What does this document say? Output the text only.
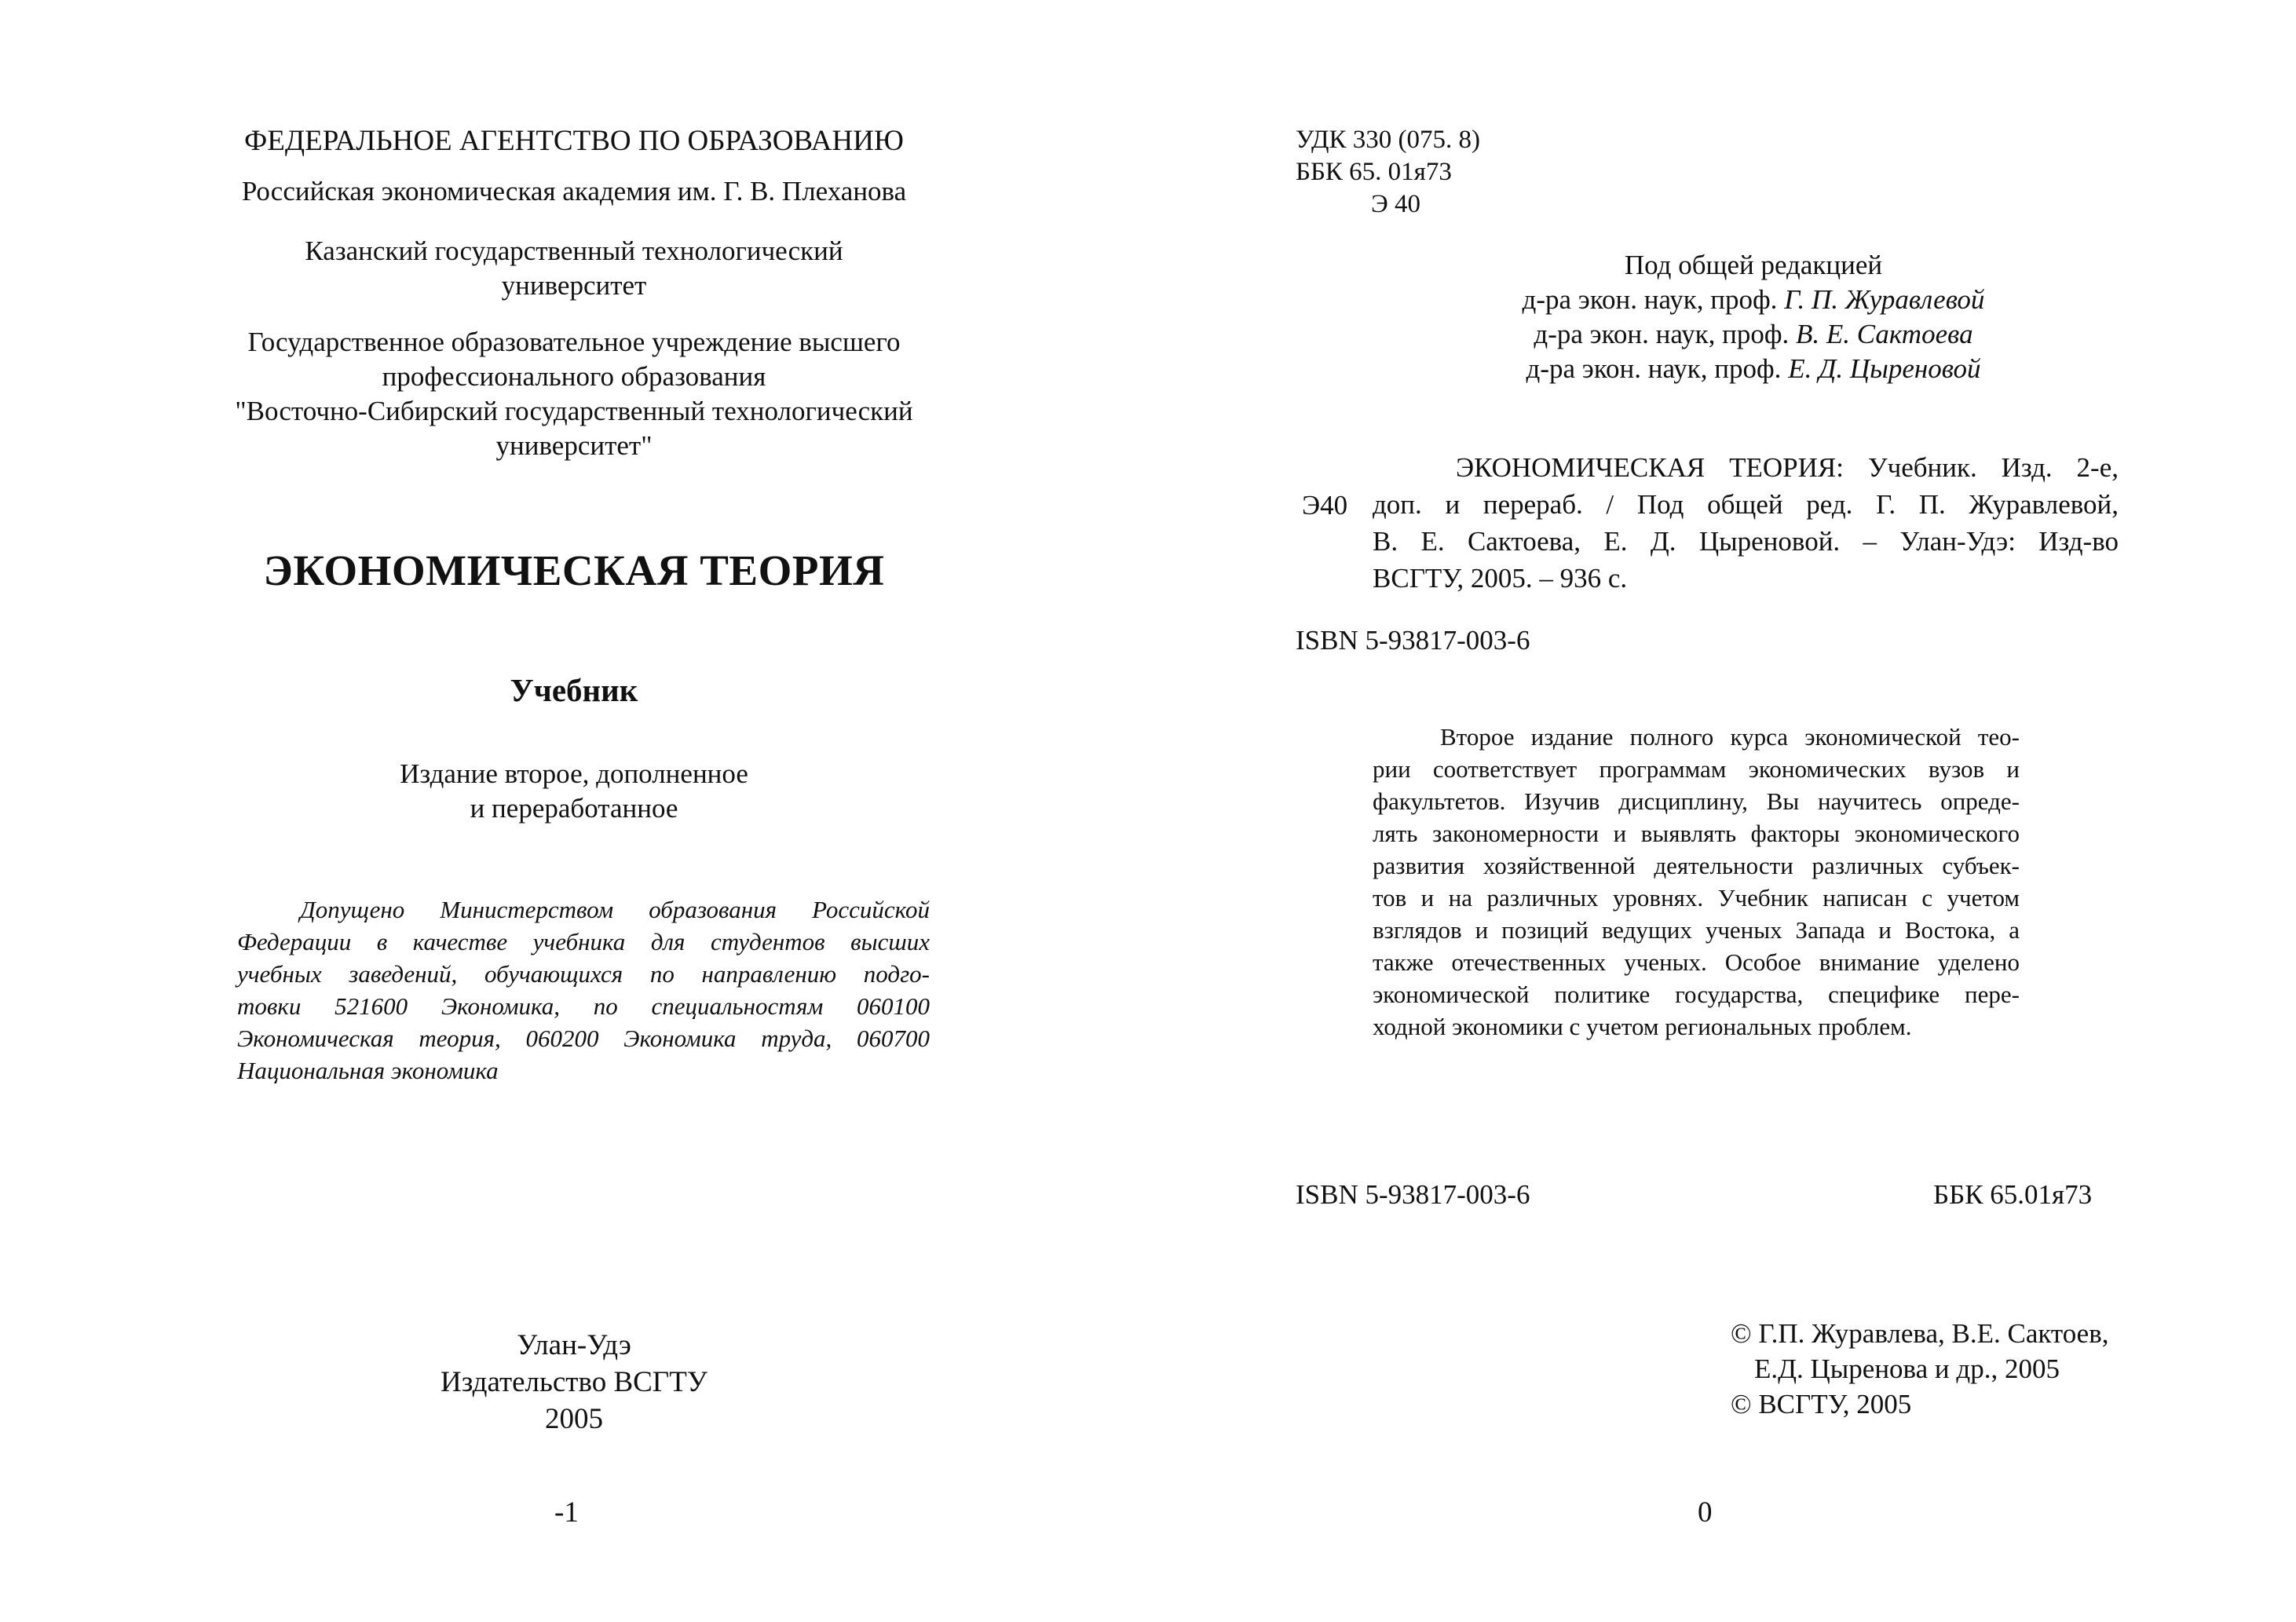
ФЕДЕРАЛЬНОЕ АГЕНТСТВО ПО ОБРАЗОВАНИЮ
Российская экономическая академия им. Г. В. Плеханова
Казанский государственный технологический
университет
Государственное образовательное учреждение высшего
профессионального образования
"Восточно-Сибирский государственный технологический
университет"
ЭКОНОМИЧЕСКАЯ ТЕОРИЯ
Учебник
Издание второе, дополненное
и переработанное
Допущено Министерством образования Российской
Федерации в качестве учебника для студентов высших
учебных заведений, обучающихся по направлению подго-
товки 521600 Экономика, по специальностям 060100
Экономическая теория, 060200 Экономика труда, 060700
Национальная экономика
Улан-Удэ
Издательство ВСГТУ
2005
-1
УДК 330 (075. 8)
ББК 65. 01я73
Э 40
Под общей редакцией
д-ра экон. наук, проф. Г. П. Журавлевой
д-ра экон. наук, проф. В. Е. Сактоева
д-ра экон. наук, проф. Е. Д. Цыреновой
Э40
ЭКОНОМИЧЕСКАЯ ТЕОРИЯ: Учебник. Изд. 2-е,
доп. и перераб. / Под общей ред. Г. П. Журавлевой,
В. Е. Сактоева, Е. Д. Цыреновой. – Улан-Удэ: Изд-во
ВСГТУ, 2005. – 936 с.
ISBN 5-93817-003-6
Второе издание полного курса экономической тео-
рии соответствует программам экономических вузов и
факультетов. Изучив дисциплину, Вы научитесь опреде-
лять закономерности и выявлять факторы экономического
развития хозяйственной деятельности различных субъек-
тов и на различных уровнях. Учебник написан с учетом
взглядов и позиций ведущих ученых Запада и Востока, а
также отечественных ученых. Особое внимание уделено
экономической политике государства, специфике пере-
ходной экономики с учетом региональных проблем.
ISBN 5-93817-003-6	ББК 65.01я73
© Г.П. Журавлева, В.Е. Сактоев,
Е.Д. Цыренова и др., 2005
© ВСГТУ, 2005
0
